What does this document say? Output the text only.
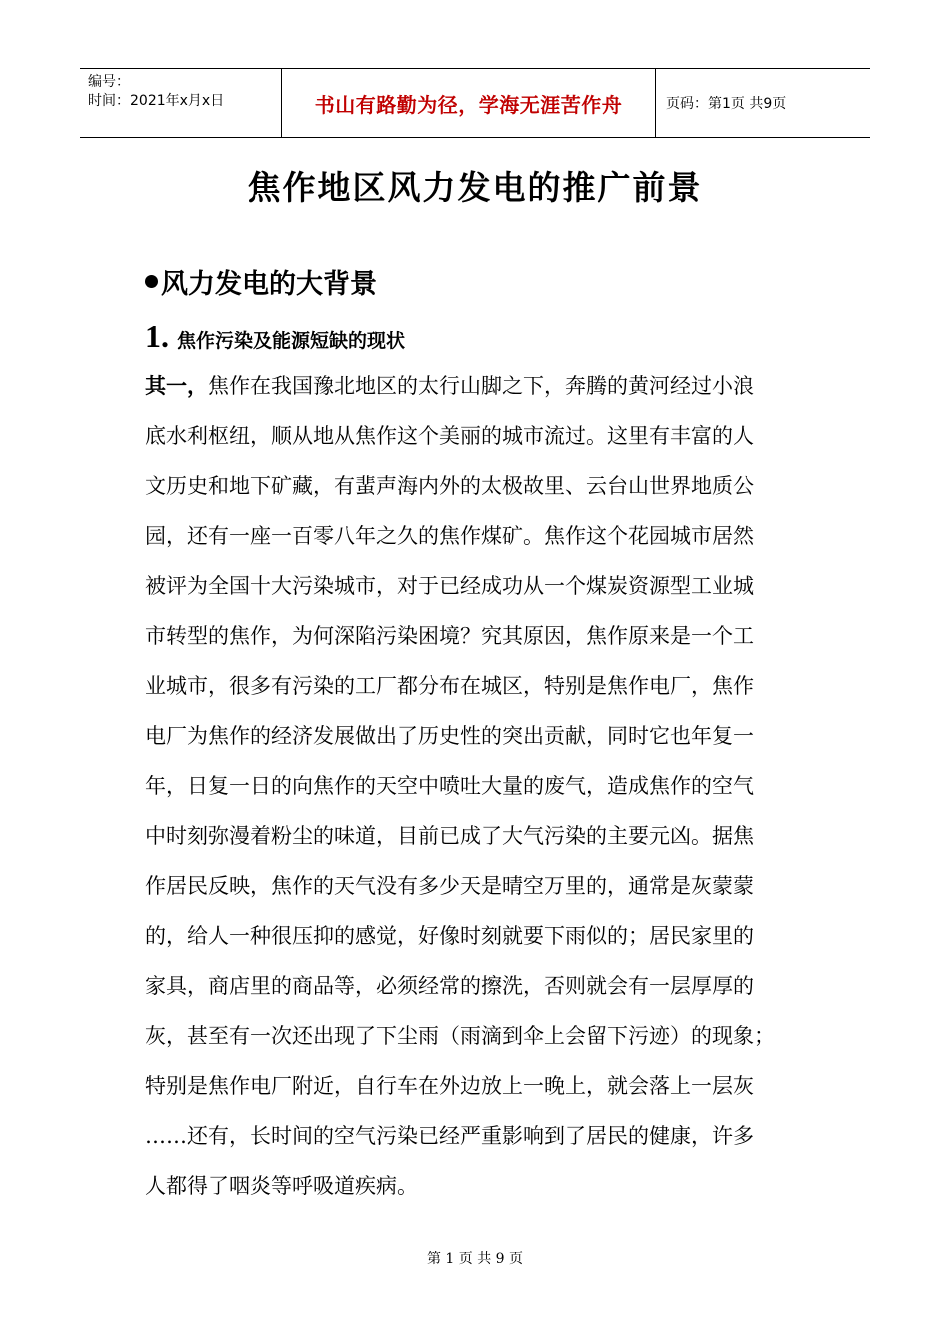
编号：
时间：2021年x月x日	书山有路勤为径，学海无涯苦作舟	页码：第1页 共9页
焦作地区风力发电的推广前景
风力发电的大背景
1. 焦作污染及能源短缺的现状
其一，焦作在我国豫北地区的太行山脚之下，奔腾的黄河经过小浪
底水利枢纽，顺从地从焦作这个美丽的城市流过。这里有丰富的人
文历史和地下矿藏，有蜚声海内外的太极故里、云台山世界地质公
园，还有一座一百零八年之久的焦作煤矿。焦作这个花园城市居然
被评为全国十大污染城市，对于已经成功从一个煤炭资源型工业城
市转型的焦作，为何深陷污染困境？究其原因，焦作原来是一个工
业城市，很多有污染的工厂都分布在城区，特别是焦作电厂，焦作
电厂为焦作的经济发展做出了历史性的突出贡献，同时它也年复一
年，日复一日的向焦作的天空中喷吐大量的废气，造成焦作的空气
中时刻弥漫着粉尘的味道，目前已成了大气污染的主要元凶。据焦
作居民反映，焦作的天气没有多少天是晴空万里的，通常是灰蒙蒙
的，给人一种很压抑的感觉，好像时刻就要下雨似的；居民家里的
家具，商店里的商品等，必须经常的擦洗，否则就会有一层厚厚的
灰，甚至有一次还出现了下尘雨（雨滴到伞上会留下污迹）的现象；
特别是焦作电厂附近，自行车在外边放上一晚上，就会落上一层灰
……还有，长时间的空气污染已经严重影响到了居民的健康，许多
人都得了咽炎等呼吸道疾病。
第 1 页 共 9 页
